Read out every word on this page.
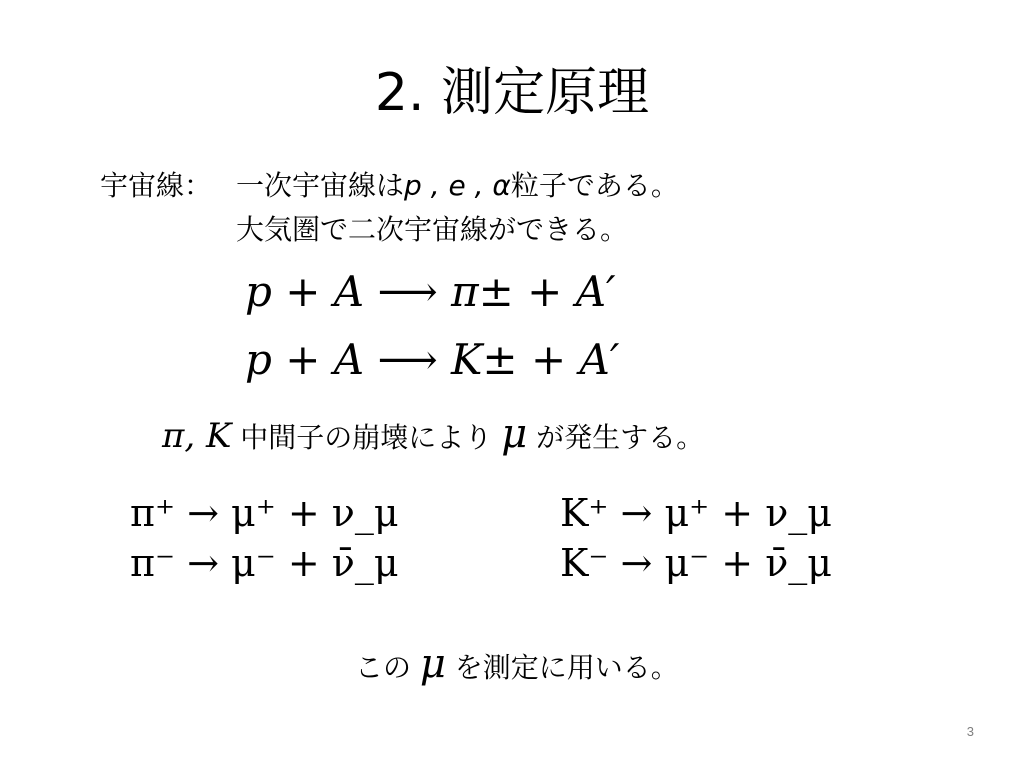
2. 測定原理
宇宙線： 一次宇宙線はp , e , α粒子である。
大気圏で二次宇宙線ができる。
p + A ⟶ π± + A′
p + A ⟶ K± + A′
π, K 中間子の崩壊により μ が発生する。
π⁺ → μ⁺ + ν_μ
π⁻ → μ⁻ + ν̄_μ
K⁺ → μ⁺ + ν_μ
K⁻ → μ⁻ + ν̄_μ
この μ を測定に用いる。
3
